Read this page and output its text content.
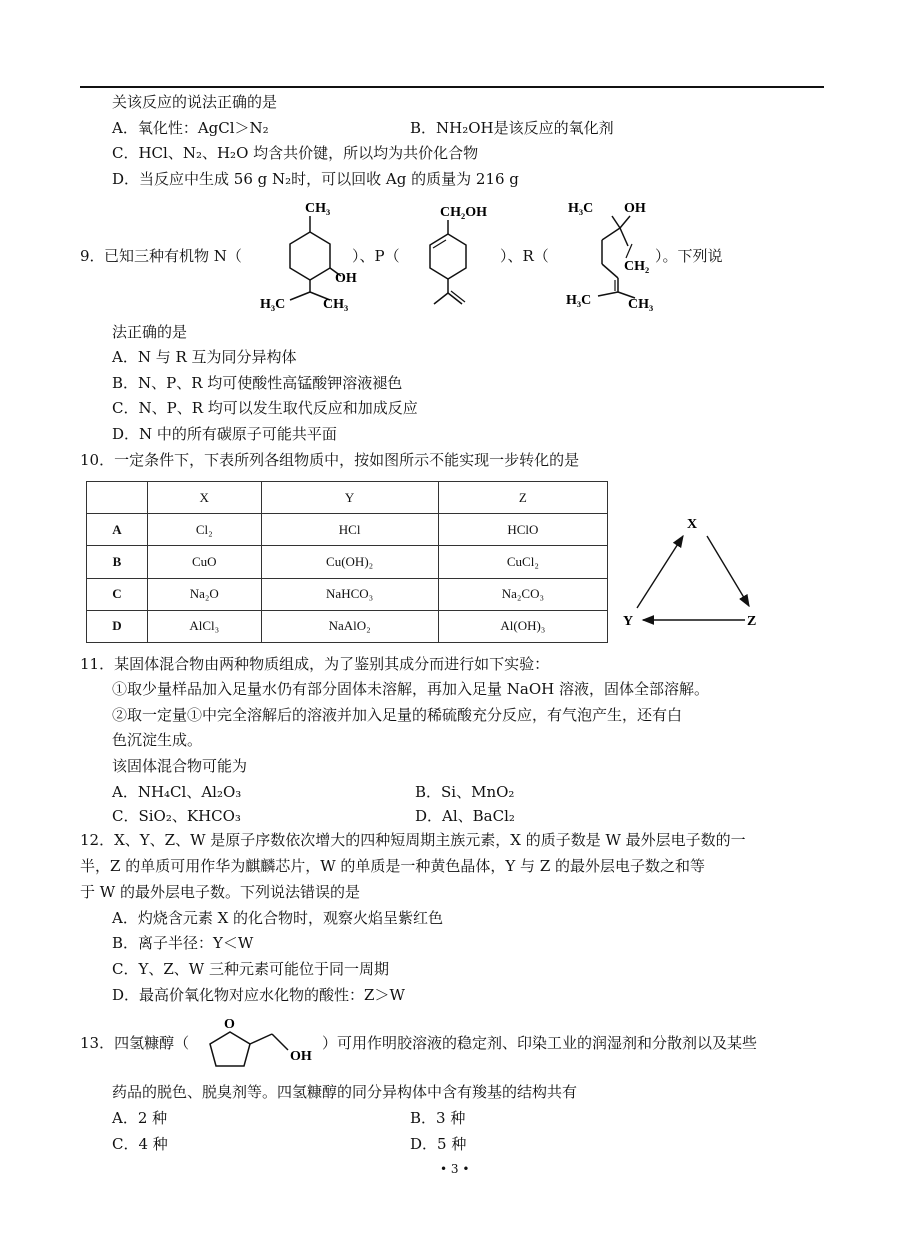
关该反应的说法正确的是
A．氧化性：AgCl＞N₂	B．NH₂OH是该反应的氧化剂
C．HCl、N₂、H₂O 均含共价键，所以均为共价化合物
D．当反应中生成 56 g N₂时，可以回收 Ag 的质量为 216 g
9． 已知三种有机物 N（	）、P（	）、R（	）。下列说
CH₃
OH
H₃C	CH₃
CH₂OH	H₃C OH
CH₂
H₃C	CH₃
法正确的是
A．N 与 R 互为同分异构体
B．N、P、R 均可使酸性高锰酸钾溶液褪色
C．N、P、R 均可以发生取代反应和加成反应
D．N 中的所有碳原子可能共平面
10．一定条件下，下表所列各组物质中，按如图所示不能实现一步转化的是
	X	Y	Z
A	Cl₂	HCl	HClO
B	CuO	Cu(OH)₂	CuCl₂
C	Na₂O	NaHCO₃	Na₂CO₃
D	AlCl₃	NaAlO₂	Al(OH)₃
X
Y	Z
11．某固体混合物由两种物质组成，为了鉴别其成分而进行如下实验：
①取少量样品加入足量水仍有部分固体未溶解，再加入足量 NaOH 溶液，固体全部溶解。
②取一定量①中完全溶解后的溶液并加入足量的稀硫酸充分反应，有气泡产生，还有白
色沉淀生成。
该固体混合物可能为
A．NH₄Cl、Al₂O₃	B．Si、MnO₂
C．SiO₂、KHCO₃	D．Al、BaCl₂
12．X、Y、Z、W 是原子序数依次增大的四种短周期主族元素，X 的质子数是 W 最外层电子数的一
半，Z 的单质可用作华为麒麟芯片，W 的单质是一种黄色晶体，Y 与 Z 的最外层电子数之和等
于 W 的最外层电子数。下列说法错误的是
A．灼烧含元素 X 的化合物时，观察火焰呈紫红色
B．离子半径：Y＜W
C．Y、Z、W 三种元素可能位于同一周期
D．最高价氧化物对应水化物的酸性：Z＞W
13．四氢糠醇（
O
OH
）可用作明胶溶液的稳定剂、印染工业的润湿剂和分散剂以及某些
药品的脱色、脱臭剂等。四氢糠醇的同分异构体中含有羧基的结构共有
A．2 种	B．3 种
C．4 种	D．5 种
• 3 •
